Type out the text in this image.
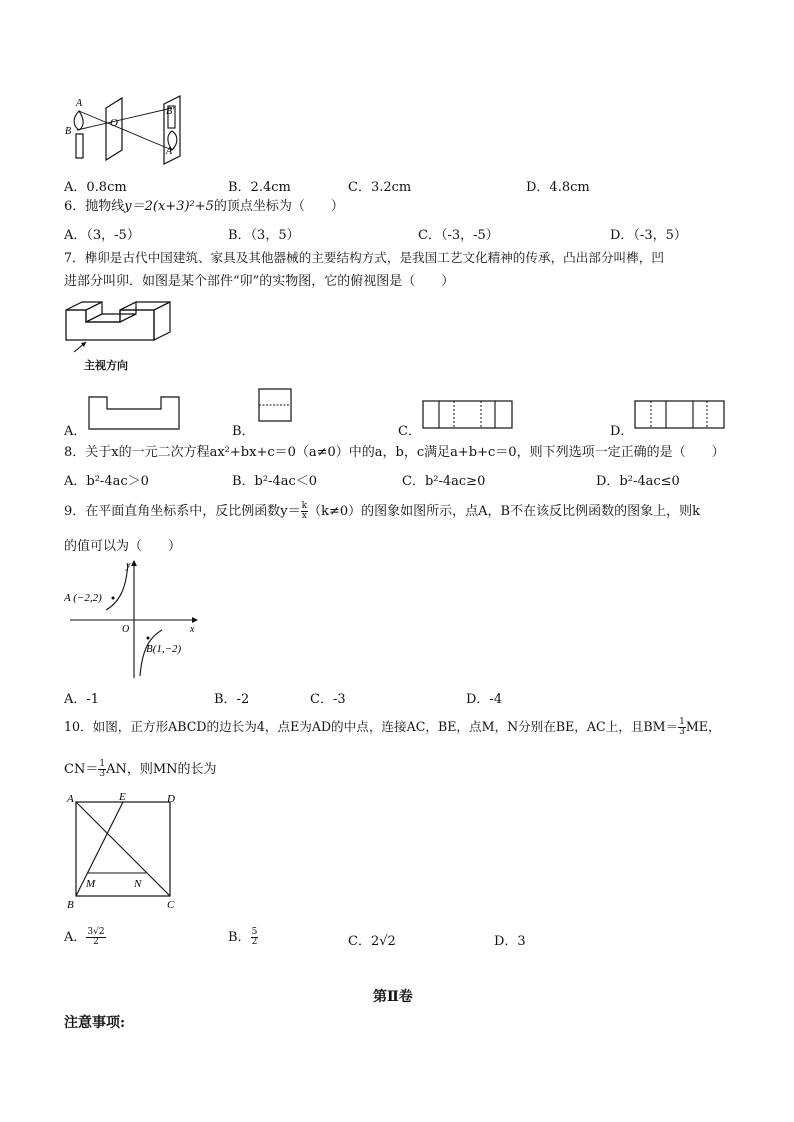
A
B
O
B'
A'
A．0.8cm	B．2.4cm	C．3.2cm	D．4.8cm
6．抛物线y＝2(x+3)²+5的顶点坐标为（　　）
A．（3，-5）	B．（3，5）	C．（-3，-5）	D．（-3，5）
7．榫卯是古代中国建筑、家具及其他器械的主要结构方式，是我国工艺文化精神的传承，凸出部分叫榫，凹
进部分叫卯．如图是某个部件“卯”的实物图，它的俯视图是（　　）
主视方向
A．	B．	C．	D．
8．关于x的一元二次方程ax²+bx+c＝0（a≠0）中的a，b，c满足a+b+c＝0，则下列选项一定正确的是（　　）
A．b²-4ac＞0	B．b²-4ac＜0	C．b²-4ac≥0	D．b²-4ac≤0
9．在平面直角坐标系中，反比例函数$y= \frac{k}{x} (k\ne 0)$的图象如图所示，点A，B不在该反比例函数的图象上，则k
的值可以为（　　）
y
x
O
A (−2,2)
B(1,−2)
A．-1	B．-2	C．-3	D．-4
10．如图，正方形ABCD的边长为4，点E为AD的中点，连接AC，BE，点M，N分别在BE，AC上，且$BM= \frac{1}{3}$ ME，
$CN= \frac{1}{3}$ AN，则MN的长为
A	E	D
M	N
B	C
A． $\frac{3√2}{2}$	B． $\frac{5}{2}$	C．2√2	D．3
第Ⅱ卷
注意事项:
